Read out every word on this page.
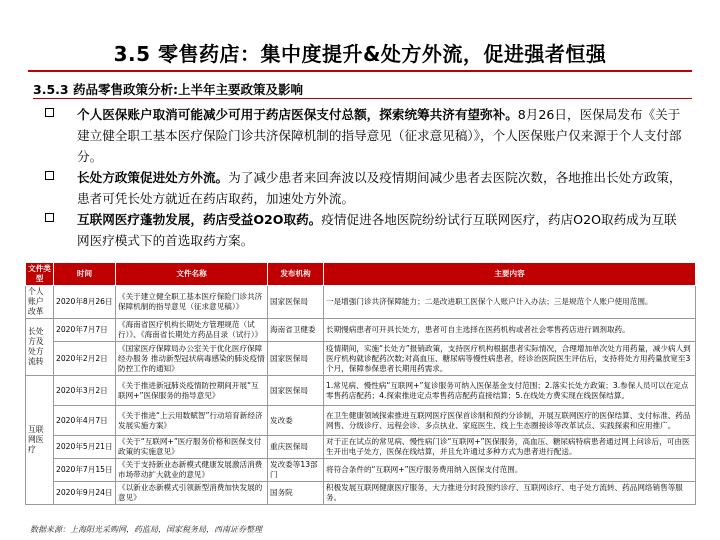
3.5 零售药店：集中度提升&处方外流，促进强者恒强
3.5.3 药品零售政策分析:上半年主要政策及影响
个人医保账户取消可能减少可用于药店医保支付总额，探索统筹共济有望弥补。8月26日，医保局发布《关于建立健全职工基本医疗保险门诊共济保障机制的指导意见（征求意见稿）》，个人医保账户仅来源于个人支付部分。
长处方政策促进处方外流。为了减少患者来回奔波以及疫情期间减少患者去医院次数，各地推出长处方政策，患者可凭长处方就近在药店取药，加速处方外流。
互联网医疗蓬勃发展，药店受益O2O取药。疫情促进各地医院纷纷试行互联网医疗，药店O2O取药成为互联网医疗模式下的首选取药方案。
文件类型	时间	文件名称	发布机构	主要内容
个人账户改革	2020年8月26日	《关于建立健全职工基本医疗保险门诊共济保障机制的指导意见（征求意见稿）》	国家医保局	一是增强门诊共济保障能力；二是改进职工医保个人账户计入办法；三是规范个人账户使用范围。
长处方及处方流转	2020年7月7日	《海南省医疗机构长期处方管理规范（试行）》、《海南省长期处方药品目录（试行）》	海南省卫健委	长期慢病患者可开具长处方，患者可自主选择在医药机构或者社会零售药店进行调剂取药。
	2020年2月2日	《国家医疗保障局办公室关于优化医疗保障经办服务 推动新型冠状病毒感染的肺炎疫情防控工作的通知》	国家医保局	疫情期间，实施“长处方”报销政策，支持医疗机构根据患者实际情况，合理增加单次处方用药量，减少病人到医疗机构就诊配药次数;对高血压、糖尿病等慢性病患者，经诊治医院医生评估后，支持将处方用药量放宽至3个月，保障参保患者长期用药需求。
互联网医疗	2020年3月2日	《关于推进新冠肺炎疫情防控期间开展“互联网+”医保服务的指导意见》	国家医保局	1.常见病、慢性病“互联网+”复诊服务可纳入医保基金支付范围；2.落实长处方政策；3.参保人员可以在定点零售药店配药；4.探索推进定点零售药店配药直接结算；5.在线处方费实现在线医保结算。
	2020年4月7日	《关于推进“上云用数赋智”行动培育新经济发展实施方案》	发改委	在卫生健康领域探索推进互联网医疗医保首诊制和预约分诊制，开展互联网医疗的医保结算、支付标准、药品网售、分级诊疗、远程会诊、多点执业、家庭医生、线上生态圈接诊等改革试点、实践探索和应用推广。
	2020年5月21日	《关于“互联网+”医疗服务价格和医保支付政策的实施意见》	重庆医保局	对于正在试点的常见病、慢性病门诊“互联网+”医保服务，高血压、糖尿病特病患者通过网上问诊后，可由医生开出电子处方，医保在线结算，并且允许通过多种方式为患者进行配送。
	2020年7月15日	《关于支持新业态新模式健康发展激活消费市场带动扩大就业的意见》	发改委等13部门	将符合条件的“互联网+”医疗服务费用纳入医保支付范围。
	2020年9月24日	《以新业态新模式引领新型消费加快发展的意见》	国务院	积极发展互联网健康医疗服务，大力推进分时段预约诊疗、互联网诊疗、电子处方流转、药品网络销售等服务。
数据来源：上海阳光采购网，药监局，国家税务局，西南证券整理
